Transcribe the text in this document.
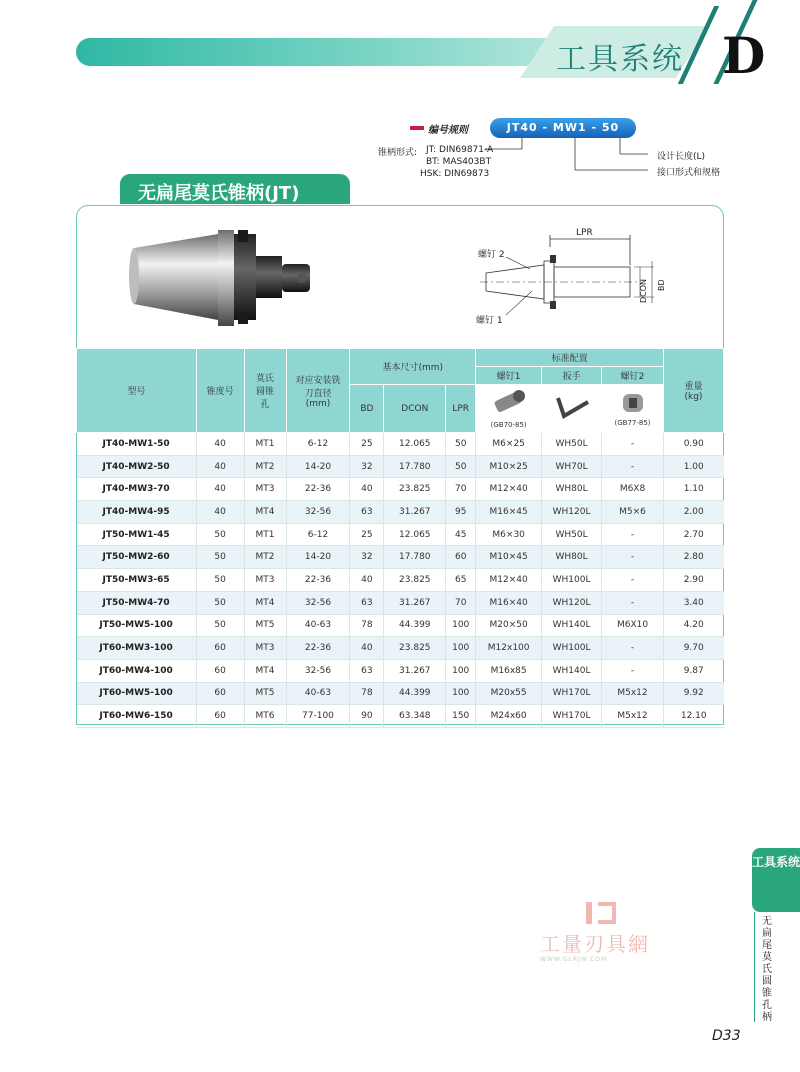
工具系统 D
编号规则	JT40 - MW1 - 50
锥柄形式: JT: DIN69871-A
BT: MAS403BT
HSK: DIN69873
设计长度(L)
接口形式和规格
无扁尾莫氏锥柄(JT)
LPR
螺钉 2
螺钉 1
DCON BD
型号	锥度号	莫氏圆锥孔	对应安装铣刀直径(mm)	基本尺寸(mm)			标准配置			重量(kg)
							螺钉1	扳手	螺钉2	
				BD	DCON	LPR	(GB70-85)		(GB77-85)	

JT40-MW1-50	40	MT1	6-12	25	12.065	50	M6×25	WH50L	-	0.90
JT40-MW2-50	40	MT2	14-20	32	17.780	50	M10×25	WH70L	-	1.00
JT40-MW3-70	40	MT3	22-36	40	23.825	70	M12×40	WH80L	M6X8	1.10
JT40-MW4-95	40	MT4	32-56	63	31.267	95	M16×45	WH120L	M5×6	2.00
JT50-MW1-45	50	MT1	6-12	25	12.065	45	M6×30	WH50L	-	2.70
JT50-MW2-60	50	MT2	14-20	32	17.780	60	M10×45	WH80L	-	2.80
JT50-MW3-65	50	MT3	22-36	40	23.825	65	M12×40	WH100L	-	2.90
JT50-MW4-70	50	MT4	32-56	63	31.267	70	M16×40	WH120L	-	3.40
JT50-MW5-100	50	MT5	40-63	78	44.399	100	M20×50	WH140L	M6X10	4.20
JT60-MW3-100	60	MT3	22-36	40	23.825	100	M12x100	WH100L	-	9.70
JT60-MW4-100	60	MT4	32-56	63	31.267	100	M16x85	WH140L	-	9.87
JT60-MW5-100	60	MT5	40-63	78	44.399	100	M20x55	WH170L	M5x12	9.92
JT60-MW6-150	60	MT6	77-100	90	63.348	150	M24x60	WH170L	M5x12	12.10
工具系统
无扁尾莫氏圆锥孔柄
工量刃具網
WWW.GLRJW.COM
D33
